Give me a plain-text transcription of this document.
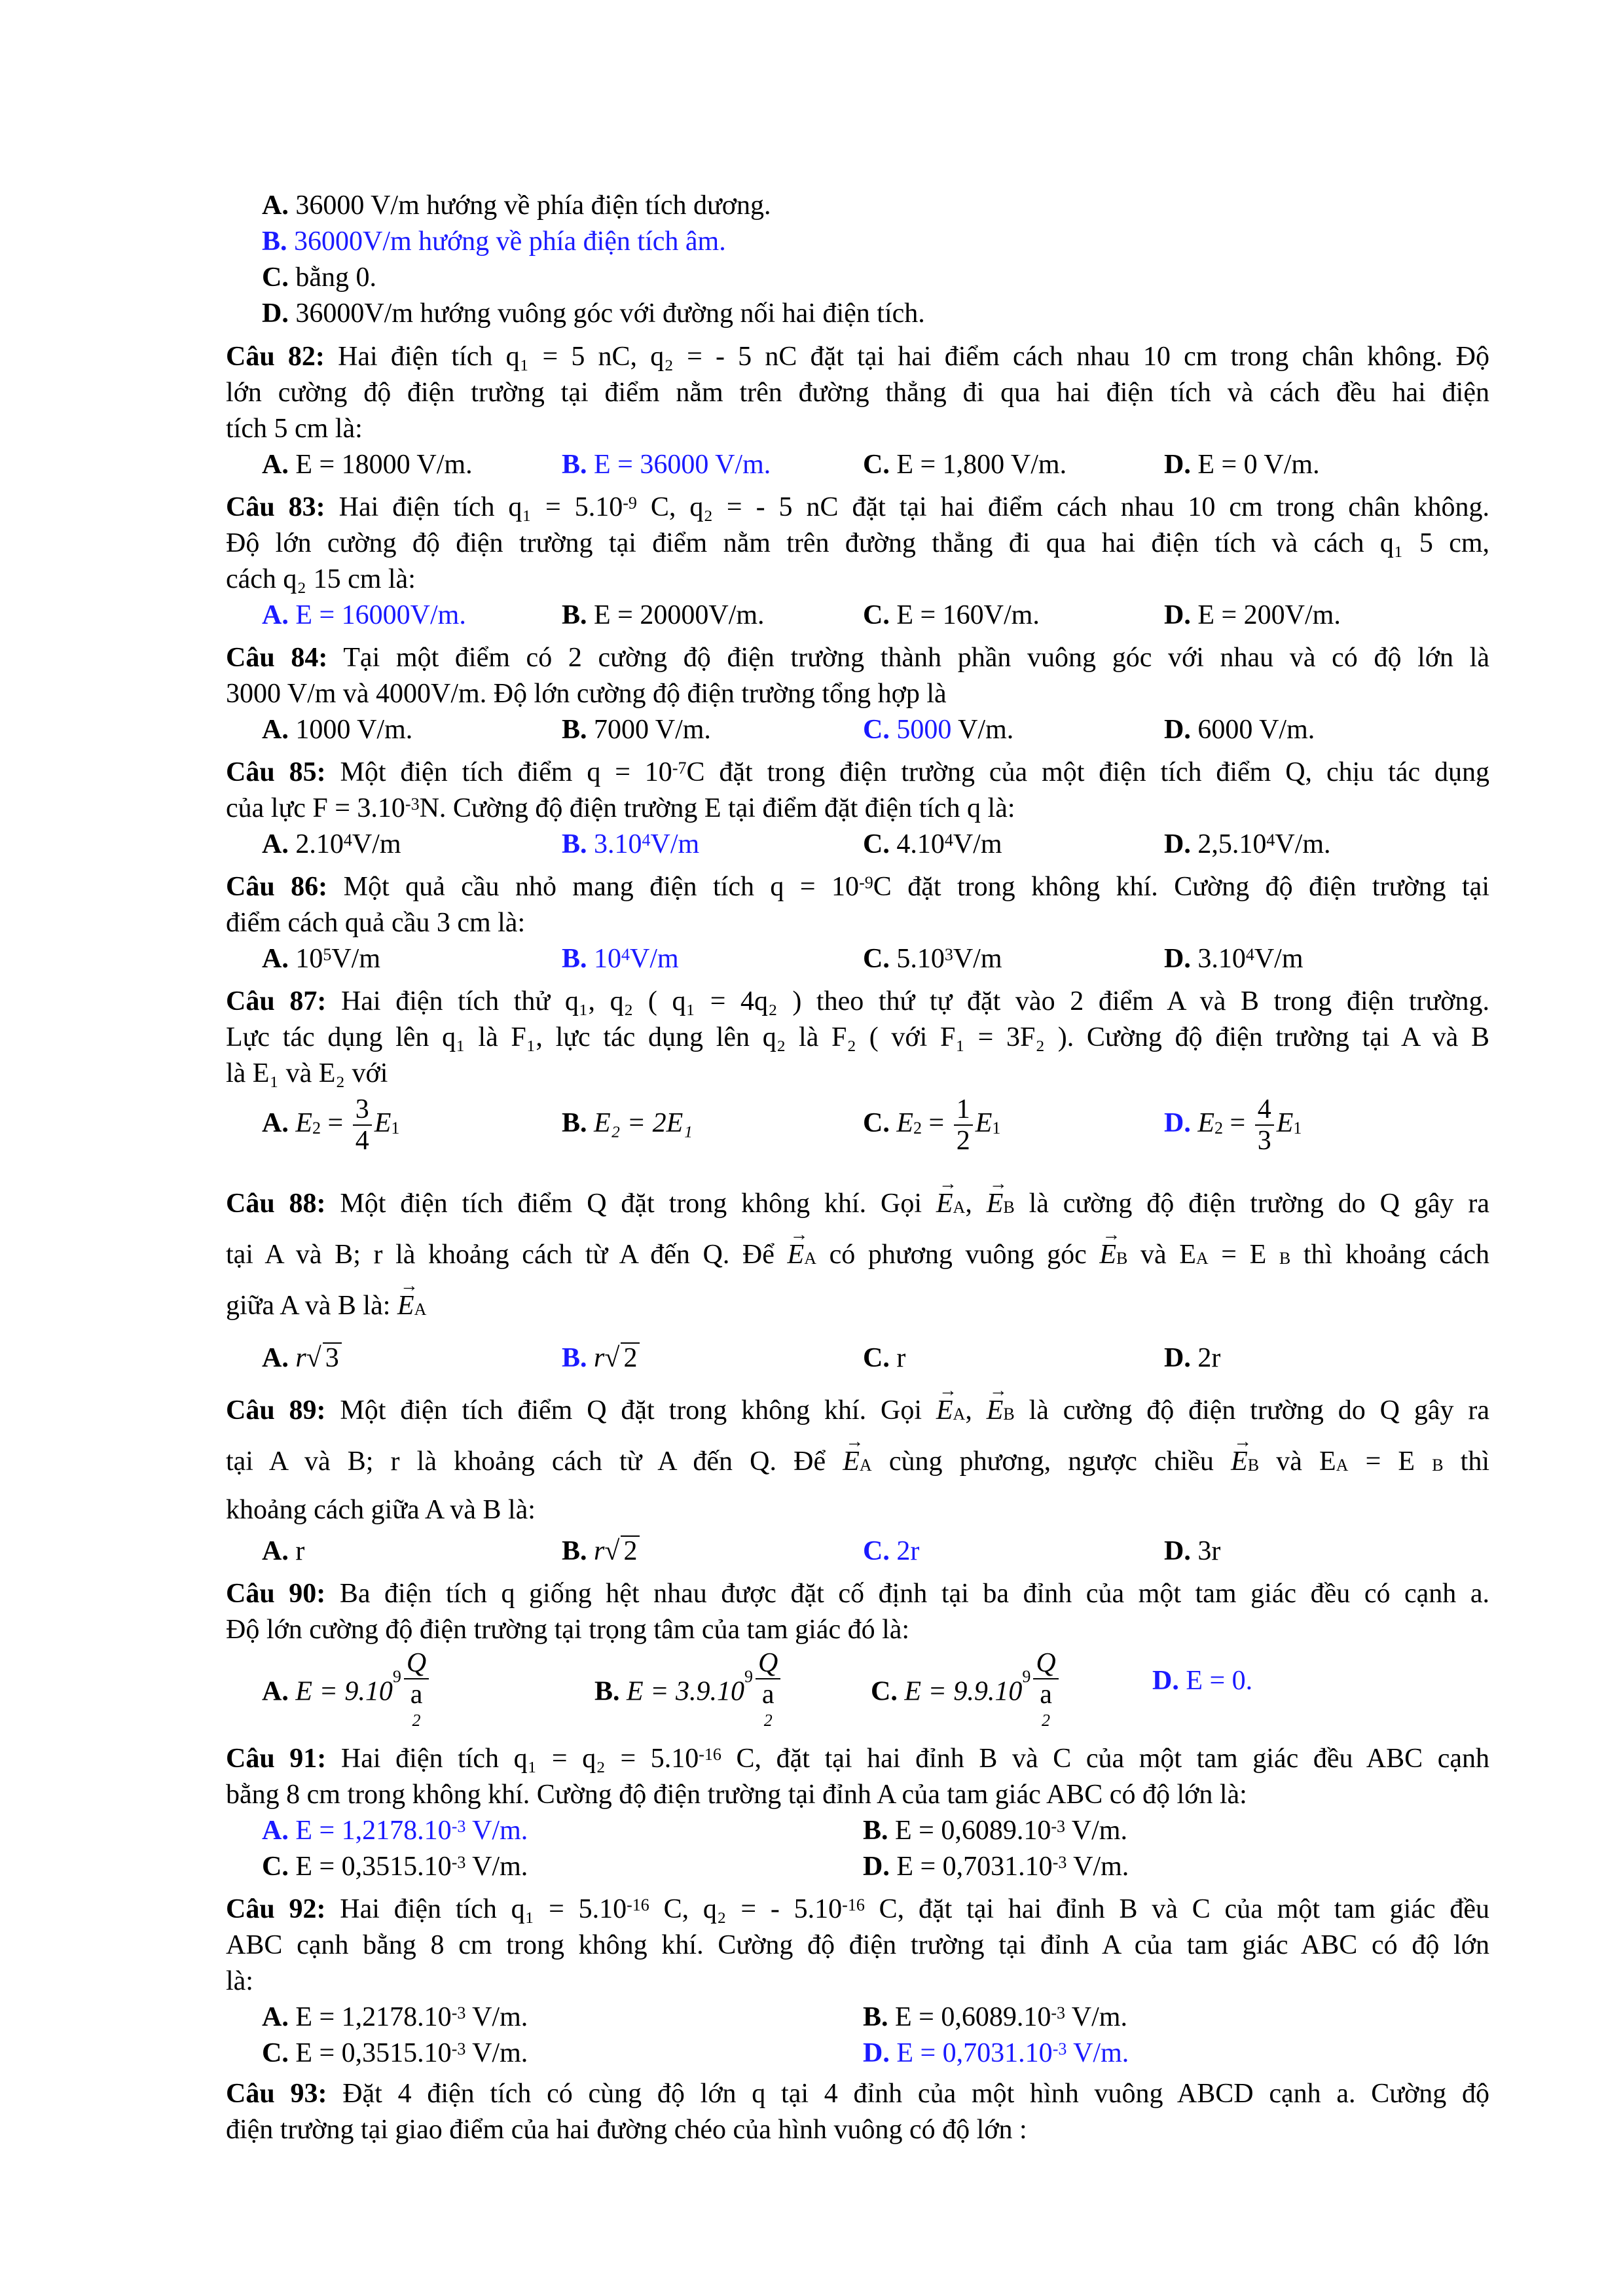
A. 36000 V/m hướng về phía điện tích dương.
B. 36000V/m hướng về phía điện tích âm.
C. bằng 0.
D. 36000V/m hướng vuông góc với đường nối hai điện tích.
Câu 82: Hai điện tích q₁ = 5 nC, q₂ = - 5 nC đặt tại hai điểm cách nhau 10 cm trong chân không. Độ
lớn cường độ điện trường tại điểm nằm trên đường thẳng đi qua hai điện tích và cách đều hai điện
tích 5 cm là:
A. E = 18000 V/m.	B. E = 36000 V/m.	C. E = 1,800 V/m.	D. E = 0 V/m.
Câu 83: Hai điện tích $q_1 = 5.10^{-9}$ C, q₂ = - 5 nC đặt tại hai điểm cách nhau 10 cm trong chân không.
Độ lớn cường độ điện trường tại điểm nằm trên đường thẳng đi qua hai điện tích và cách q₁ 5 cm,
cách q₂ 15 cm là:
A. E = 16000V/m.	B. E = 20000V/m.	C. E = 160V/m.	D. E = 200V/m.
Câu 84: Tại một điểm có 2 cường độ điện trường thành phần vuông góc với nhau và có độ lớn là
3000 V/m và 4000V/m. Độ lớn cường độ điện trường tổng hợp là
A. 1000 V/m.	B. 7000 V/m.	C. 5000 V/m.	D. 6000 V/m.
Câu 85: Một điện tích điểm $q = 10^{-7}C$ đặt trong điện trường của một điện tích điểm Q, chịu tác dụng
của lực $F = 3.10^{-3}N$. Cường độ điện trường E tại điểm đặt điện tích q là:
A. 2.10$^4$V/m	B. 3.10$^4$V/m	C. 4.10$^4$V/m	D. 2,5.10$^4$V/m.
Câu 86: Một quả cầu nhỏ mang điện tích $q = 10^{-9}C$ đặt trong không khí. Cường độ điện trường tại
điểm cách quả cầu 3 cm là:
A. $10^5V/m$	B. $10^4V/m$	C. 5.10$^3$V/m	D. 3.10$^4$V/m
Câu 87: Hai điện tích thử q₁, q₂ ( q₁ = 4q₂ ) theo thứ tự đặt vào 2 điểm A và B trong điện trường.
Lực tác dụng lên q₁ là F₁, lực tác dụng lên q₂ là F₂ ( với F₁ = 3F₂ ). Cường độ điện trường tại A và B
là E₁ và E₂ với
A. $E_2 = \frac{3}{4} E_1$	B. E₂ = 2E₁	C. $E_2 = \frac{1}{2} E_1$	D. $E_2 = \frac{4}{3} E_1$
Câu 88: Một điện tích điểm Q đặt trong không khí. Gọi → $E_A$, → $E_B$ là cường độ điện trường do Q gây ra
tại A và B; r là khoảng cách từ A đến Q. Để → $E_A$ có phương vuông góc → $E_B$ và $E_A = E$ $_B$ thì khoảng cách
giữa A và B là: → $E_A$
A. r√ 3	B. r√ 2	C. r	D. 2r
Câu 89: Một điện tích điểm Q đặt trong không khí. Gọi → $E_A$, → $E_B$ là cường độ điện trường do Q gây ra
tại A và B; r là khoảng cách từ A đến Q. Để → $E_A$ cùng phương, ngược chiều → $E_B$ và $E_A = E$ $_B$ thì
khoảng cách giữa A và B là:
A. r	B. r√ 2	C. 2r	D. 3r
Câu 90: Ba điện tích q giống hệt nhau được đặt cố định tại ba đỉnh của một tam giác đều có cạnh a.
Độ lớn cường độ điện trường tại trọng tâm của tam giác đó là:
A. $E = 9.10^9$ Q
a
$^2$	B. $E = 3.9.10^9$ Q
a
$^2$	C. $E = 9.9.10^9$ Q
a
$^2$	D. E = 0.
Câu 91: Hai điện tích $q_1 = q_2 = 5.10^{-16}$ C, đặt tại hai đỉnh B và C của một tam giác đều ABC cạnh
bằng 8 cm trong không khí. Cường độ điện trường tại đỉnh A của tam giác ABC có độ lớn là:
A. $E = 1,2178.10^{-3}$ V/m.	B. $E = 0,6089.10^{-3}$ V/m.
C. $E = 0,3515.10^{-3}$ V/m.	D. $E = 0,7031.10^{-3}$ V/m.
Câu 92: Hai điện tích $q_1 = 5.10^{-16}$ C, q₂ = - $5.10^{-16}$ C, đặt tại hai đỉnh B và C của một tam giác đều
ABC cạnh bằng 8 cm trong không khí. Cường độ điện trường tại đỉnh A của tam giác ABC có độ lớn
là:
A. $E = 1,2178.10^{-3}$ V/m.	B. $E = 0,6089.10^{-3}$ V/m.
C. $E = 0,3515.10^{-3}$ V/m.	D. $E = 0,7031.10^{-3}$ V/m.
Câu 93: Đặt 4 điện tích có cùng độ lớn q tại 4 đỉnh của một hình vuông ABCD cạnh a. Cường độ
điện trường tại giao điểm của hai đường chéo của hình vuông có độ lớn :
